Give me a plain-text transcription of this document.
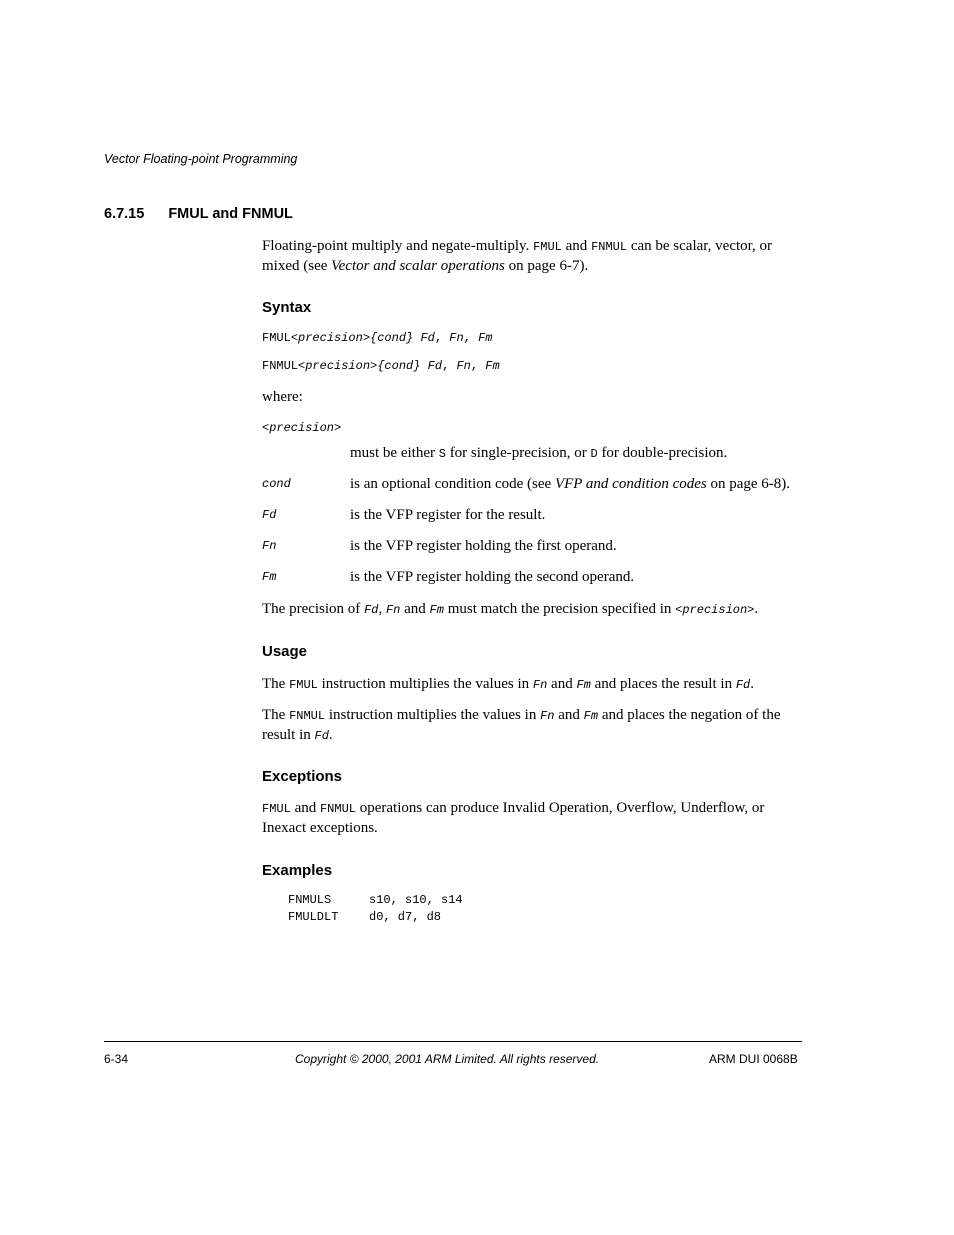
Vector Floating-point Programming
6.7.15 FMUL and FNMUL
Floating-point multiply and negate-multiply. FMUL and FNMUL can be scalar, vector, or
mixed (see Vector and scalar operations on page 6-7).
Syntax
FMUL<precision>{cond} Fd, Fn, Fm
FNMUL<precision>{cond} Fd, Fn, Fm
where:
<precision>
must be either S for single-precision, or D for double-precision.
cond	is an optional condition code (see VFP and condition codes on page 6-8).
Fd	is the VFP register for the result.
Fn	is the VFP register holding the first operand.
Fm	is the VFP register holding the second operand.
The precision of Fd, Fn and Fm must match the precision specified in <precision>.
Usage
The FMUL instruction multiplies the values in Fn and Fm and places the result in Fd.
The FNMUL instruction multiplies the values in Fn and Fm and places the negation of the
result in Fd.
Exceptions
FMUL and FNMUL operations can produce Invalid Operation, Overflow, Underflow, or
Inexact exceptions.
Examples
FNMULS	s10, s10, s14
FMULDLT	d0, d7, d8
6-34	Copyright © 2000, 2001 ARM Limited. All rights reserved.	ARM DUI 0068B
